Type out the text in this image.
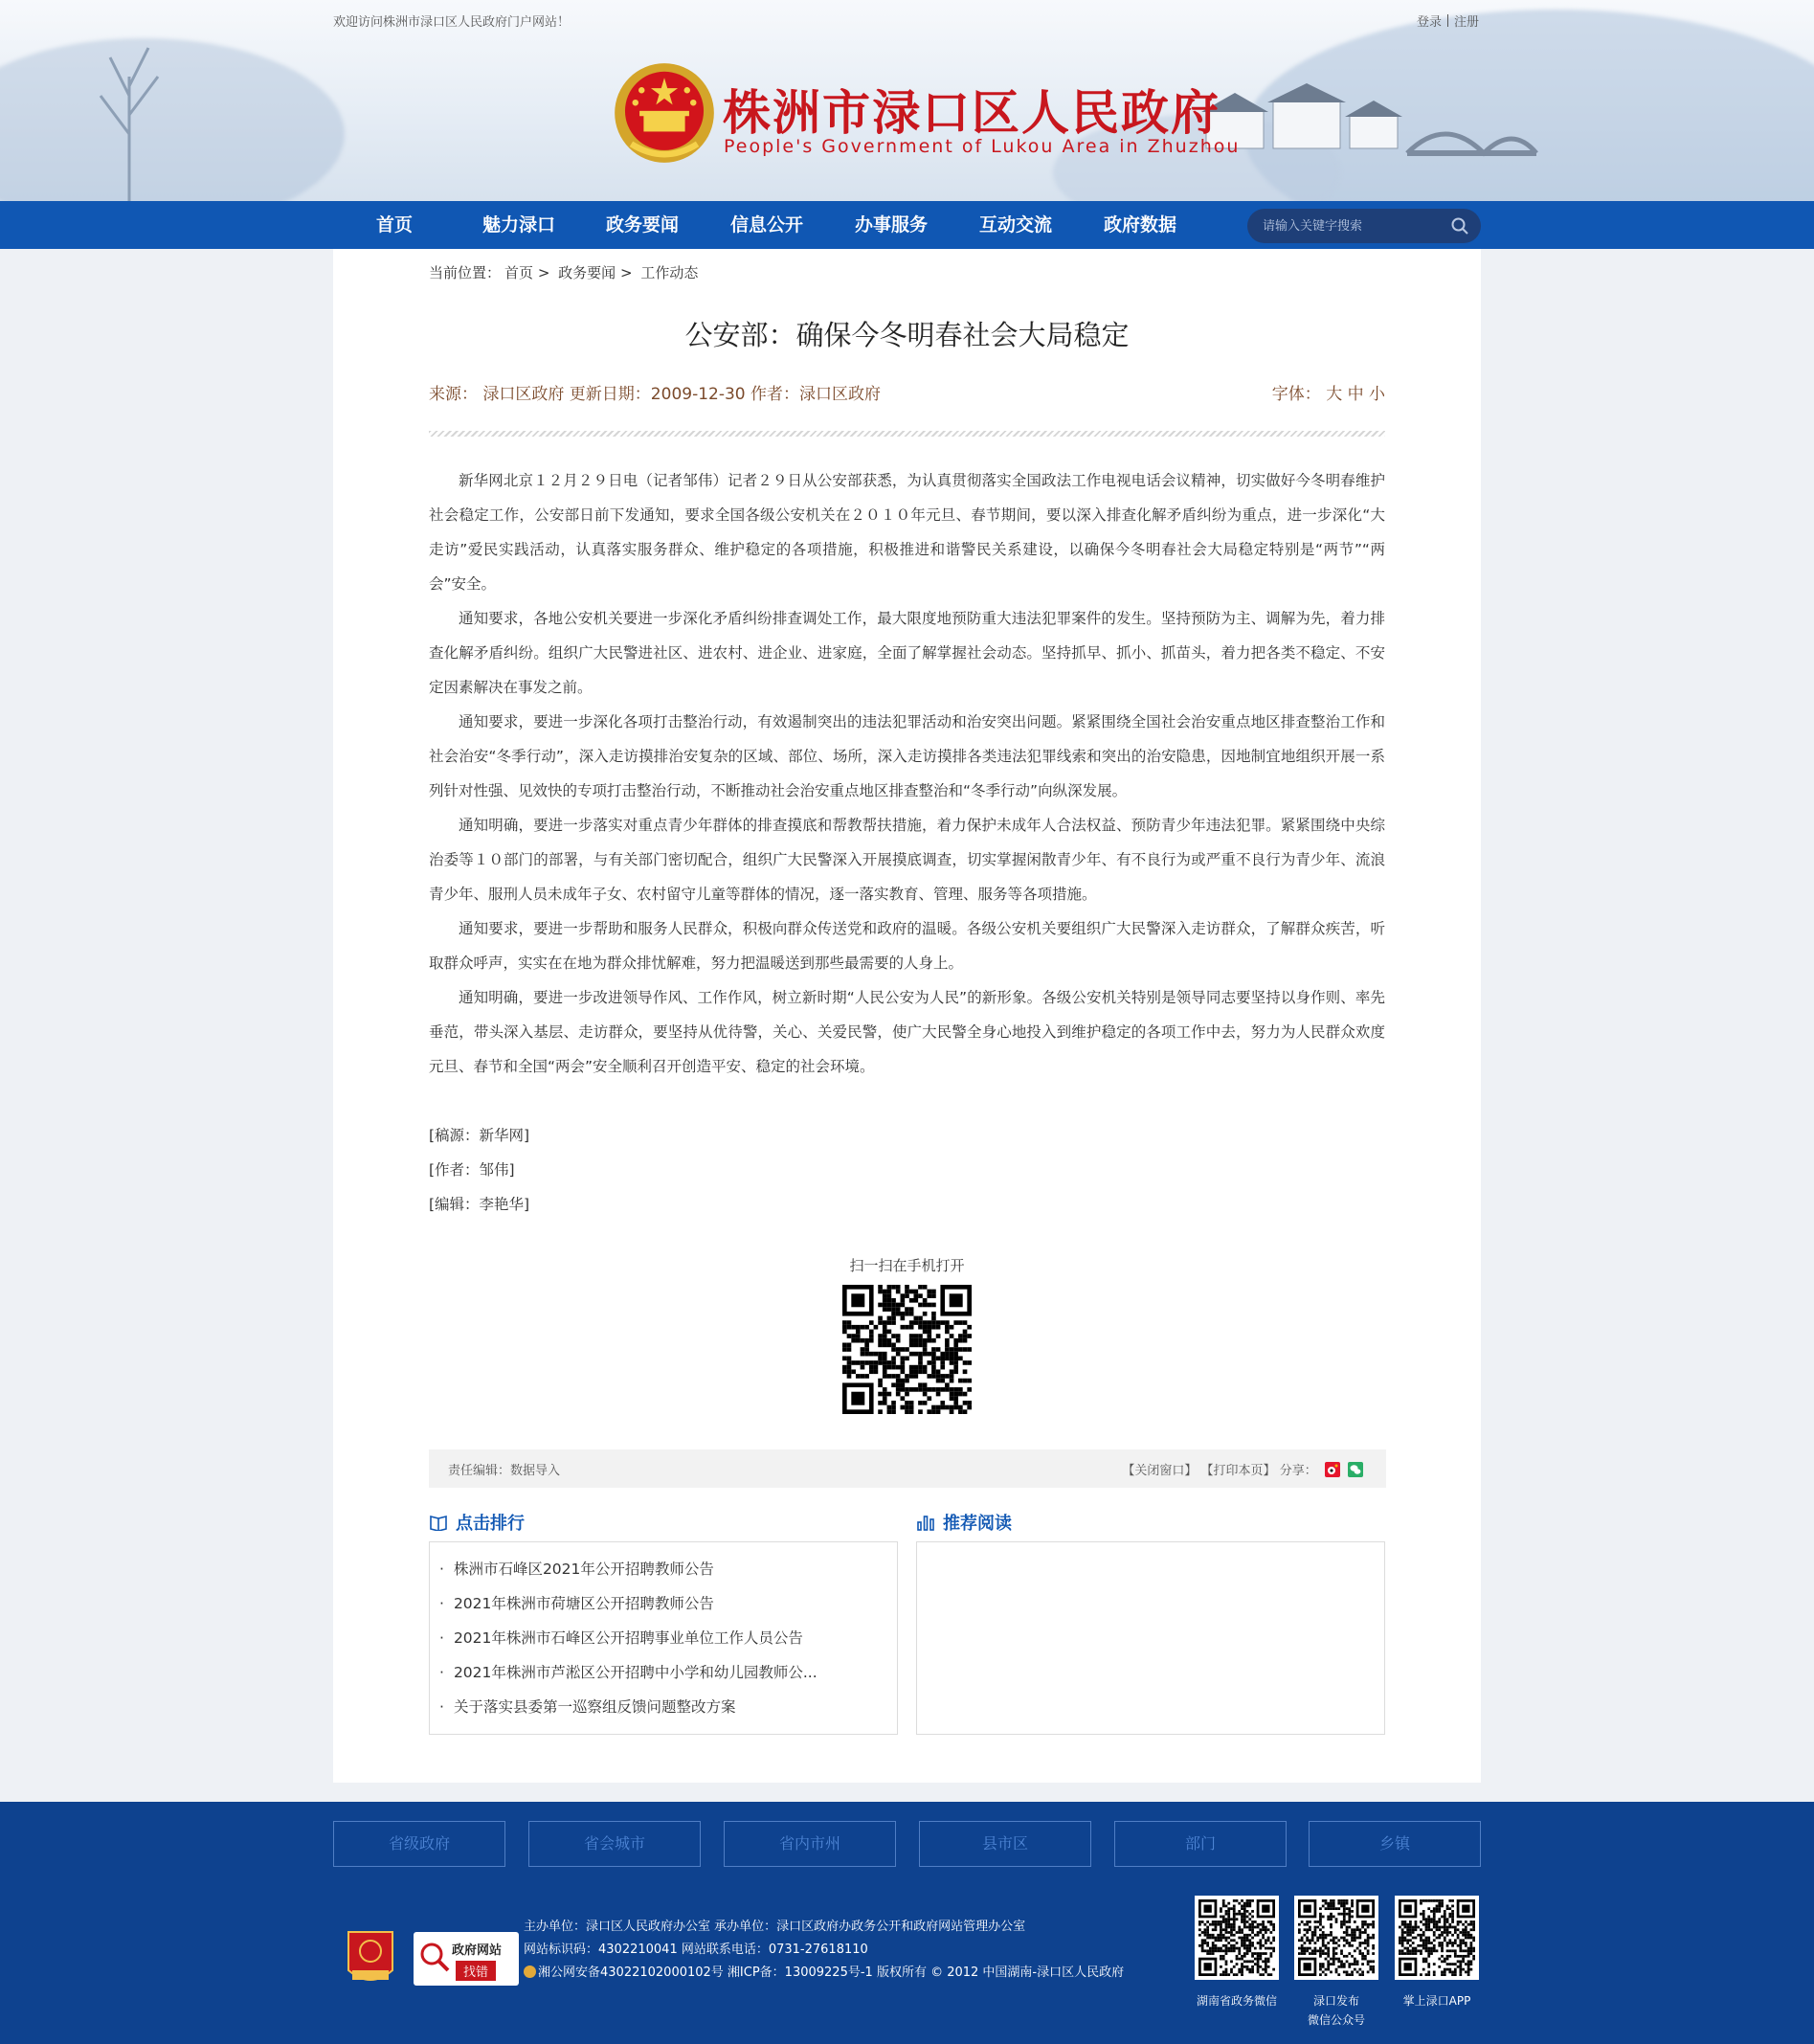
欢迎访问株洲市渌口区人民政府门户网站！	登录 注册
株洲市渌口区人民政府
People's Government of Lukou Area in Zhuzhou
首页	魅力渌口	政务要闻	信息公开	办事服务	互动交流	政府数据
请输入关键字搜索
当前位置： 首页 > 政务要闻 > 工作动态
公安部：确保今冬明春社会大局稳定
来源： 渌口区政府 更新日期：2009-12-30 作者：渌口区政府	字体： 大 中 小

新华网北京１２月２９日电（记者邹伟）记者２９日从公安部获悉，为认真贯彻落实全国政法工作电视电话会议精神，切实做好今冬明春维护社会稳定工作，公安部日前下发通知，要求全国各级公安机关在２０１０年元旦、春节期间，要以深入排查化解矛盾纠纷为重点，进一步深化“大走访”爱民实践活动，认真落实服务群众、维护稳定的各项措施，积极推进和谐警民关系建设，以确保今冬明春社会大局稳定特别是“两节”“两会”安全。

通知要求，各地公安机关要进一步深化矛盾纠纷排查调处工作，最大限度地预防重大违法犯罪案件的发生。坚持预防为主、调解为先，着力排查化解矛盾纠纷。组织广大民警进社区、进农村、进企业、进家庭，全面了解掌握社会动态。坚持抓早、抓小、抓苗头，着力把各类不稳定、不安定因素解决在事发之前。

通知要求，要进一步深化各项打击整治行动，有效遏制突出的违法犯罪活动和治安突出问题。紧紧围绕全国社会治安重点地区排查整治工作和社会治安“冬季行动”，深入走访摸排治安复杂的区域、部位、场所，深入走访摸排各类违法犯罪线索和突出的治安隐患，因地制宜地组织开展一系列针对性强、见效快的专项打击整治行动，不断推动社会治安重点地区排查整治和“冬季行动”向纵深发展。

通知明确，要进一步落实对重点青少年群体的排查摸底和帮教帮扶措施，着力保护未成年人合法权益、预防青少年违法犯罪。紧紧围绕中央综治委等１０部门的部署，与有关部门密切配合，组织广大民警深入开展摸底调查，切实掌握闲散青少年、有不良行为或严重不良行为青少年、流浪青少年、服刑人员未成年子女、农村留守儿童等群体的情况，逐一落实教育、管理、服务等各项措施。

通知要求，要进一步帮助和服务人民群众，积极向群众传送党和政府的温暖。各级公安机关要组织广大民警深入走访群众，了解群众疾苦，听取群众呼声，实实在在地为群众排忧解难，努力把温暖送到那些最需要的人身上。

通知明确，要进一步改进领导作风、工作作风，树立新时期“人民公安为人民”的新形象。各级公安机关特别是领导同志要坚持以身作则、率先垂范，带头深入基层、走访群众，要坚持从优待警，关心、关爱民警，使广大民警全身心地投入到维护稳定的各项工作中去，努力为人民群众欢度元旦、春节和全国“两会”安全顺利召开创造平安、稳定的社会环境。

[稿源：新华网]
[作者：邹伟]
[编辑：李艳华]
扫一扫在手机打开
责任编辑：数据导入	【关闭窗口】 【打印本页】 分享：
点击排行
· 株洲市石峰区2021年公开招聘教师公告
· 2021年株洲市荷塘区公开招聘教师公告
· 2021年株洲市石峰区公开招聘事业单位工作人员公告
· 2021年株洲市芦淞区公开招聘中小学和幼儿园教师公...
· 关于落实县委第一巡察组反馈问题整改方案
推荐阅读
省级政府	省会城市	省内市州	县市区	部门	乡镇
政府网站
找错
主办单位：渌口区人民政府办公室 承办单位：渌口区政府办政务公开和政府网站管理办公室
网站标识码：4302210041 网站联系电话：0731-27618110
湘公网安备43022102000102号 湘ICP备：13009225号-1 版权所有 © 2012 中国湖南-渌口区人民政府
湖南省政务微信	渌口发布
微信公众号
掌上渌口APP
